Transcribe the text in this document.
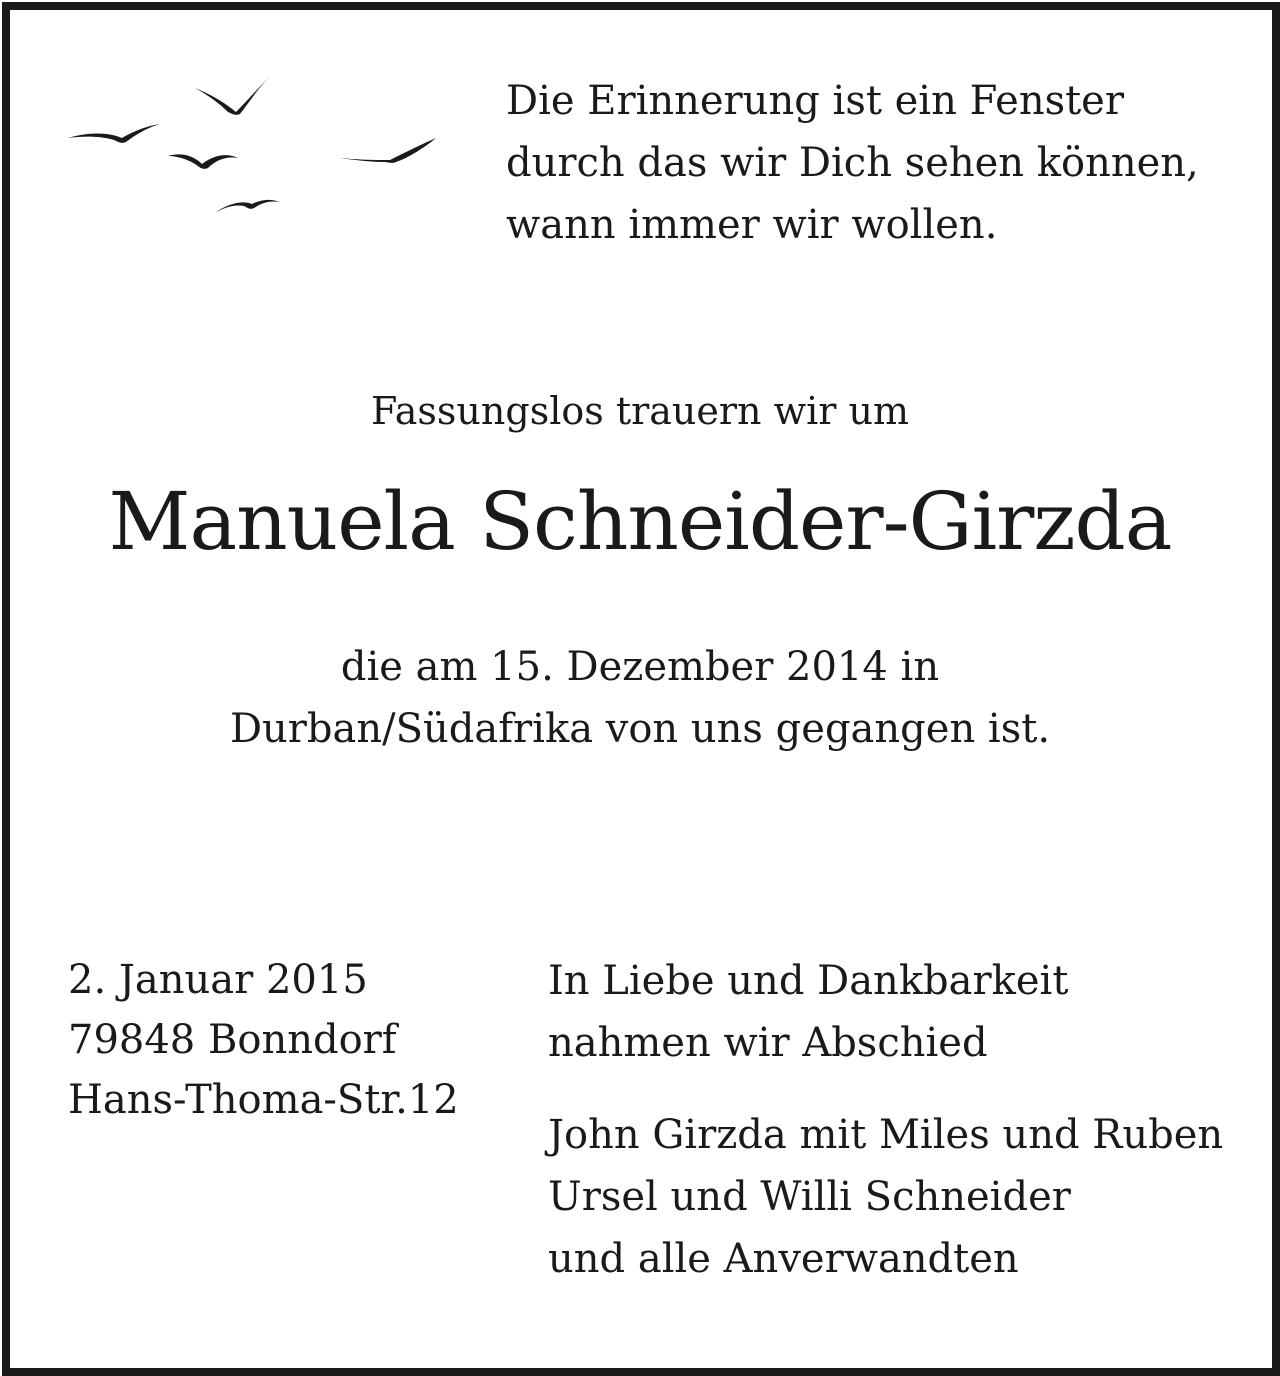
Die Erinnerung ist ein Fenster
durch das wir Dich sehen können,
wann immer wir wollen.
Fassungslos trauern wir um
Manuela Schneider-Girzda
die am 15. Dezember 2014 in
Durban/Südafrika von uns gegangen ist.
2. Januar 2015
79848 Bonndorf
Hans-Thoma-Str.12
In Liebe und Dankbarkeit
nahmen wir Abschied
John Girzda mit Miles und Ruben
Ursel und Willi Schneider
und alle Anverwandten
